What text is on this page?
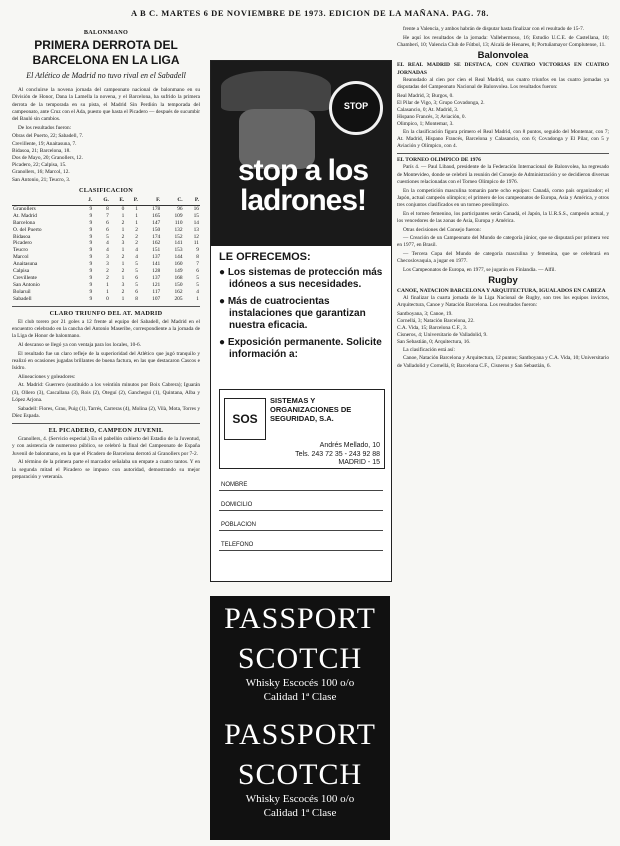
A B C. MARTES 6 DE NOVIEMBRE DE 1973. EDICION DE LA MAÑANA. PAG. 78.
BALONMANO
PRIMERA DERROTA DEL BARCELONA EN LA LIGA
El Atlético de Madrid no tuvo rival en el Sabadell

Al concluirse la novena jornada del campeonato nacional de balonmano en su División de Honor, Dana la Lamella la novena, y el Barcelona, ha sufrido la primera derrota de la temporada en su pista, el Madrid Sin Perdión la temporada del campeonato, ante Cruz con el Ada, puesto que hasta el Picadero — después de sucumbir del Bauló sin cambios.

De los resultados fueron:

Obras del Puerto, 22; Sabadell, 7.
Crevillente, 19; Anaitasuna, 7.
Bidasoa, 21; Barcelona, 18.
Dos de Mayo, 20; Granollers, 12.
Picadero, 22; Calpisa, 15.
Granollers, 16; Marcol, 12.
San Antonio, 21; Teucro, 3.
CLASIFICACION
	J.	G.	E.	P.	F.	C.	P.
Granollers	9	8	0	1	178	96	16
At. Madrid	9	7	1	1	165	109	15
Barcelona	9	6	2	1	147	110	14
O. del Puerto	9	6	1	2	150	132	13
Bidasoa	9	5	2	2	174	152	12
Picadero	9	4	3	2	162	141	11
Teucro	9	4	1	4	151	153	9
Marcol	9	3	2	4	137	144	8
Anaitasuna	9	3	1	5	141	160	7
Calpisa	9	2	2	5	128	149	6
Crevillente	9	2	1	6	137	168	5
San Antonio	9	1	3	5	121	150	5
Bolaruil	9	1	2	6	117	162	4
Sabadell	9	0	1	8	107	205	1
CLARO TRIUNFO DEL AT. MADRID

El club torero por 21 goles a 12 frente al equipo del Sabadell, del Madrid en el encuentro celebrado en la cancha del Antonio Maseribe, correspondiente a la jornada de la Liga de Honor de balonmano.

Al descanso se llegó ya con ventaja para los locales, 10-6.

El resultado fue un claro refleje de la superioridad del Atlético que jugó tranquilo y realizó en ocasiones jugadas brillantes de buena factura, en las que destacaron Cascos e Isidro.

Alineaciones y goleadores:

At. Madrid: Guerrero (sustituido a los veintiún minutos por Boix Cabrera); Iguarán (3), Ollero (3), Cascallana (3), Rois (2), Oteguí (2), Ganchegui (1), Quintana, Alba y López Arjona.

Sabadell: Flores, Grau, Puig (1), Tarrés, Carreras (4), Molina (2), Vilà, Mota, Torres y Díez Espada.

EL PICADERO, CAMPEON JUVENIL

Granollers, 4. (Servicio especial.) En el pabellón cubierto del Estadio de la Juventud, y con asistencia de numeroso público, se celebró la final del Campeonato de España Juvenil de balonmano, en la que el Picadero de Barcelona derrotó al Granollers por 7-2.

Al término de la primera parte el marcador señalaba un empate a cuatro tantos. Y en la segunda mitad el Picadero se impuso con autoridad, demostrando su mejor preparación y veteranía.

STOP
stop a los
ladrones!
LE OFRECEMOS:
● Los sistemas de protección más idóneos a sus necesidades.
● Más de cuatrocientas instalaciones que garantizan nuestra eficacia.
● Exposición permanente. Solicite información a:
SOS
SISTEMAS Y ORGANIZACIONES DE SEGURIDAD, S.A.
Andrés Mellado, 10
Tels. 243 72 35 - 243 92 88
MADRID - 15
NOMBRE
DOMICILIO
POBLACION
TELEFONO
PASSPORT
SCOTCH
Whisky Escocés 100 o/o
Calidad 1ª Clase
PASSPORT
SCOTCH
Whisky Escocés 100 o/o
Calidad 1ª Clase

frente a Valencia, y ambos habrán de disputar hasta finalizar con el resultado de 15-7.

He aquí los resultados de la jornada: Vallehermoso, 16; Estudio U.C.E. de Castellana, 10; Chamberí, 10; Valencia Club de Fútbol, 13; Alcalá de Henares, 8; Portuñamayor Complutense, 11.

Balonvolea
EL REAL MADRID SE DESTACA, CON CUATRO VICTORIAS EN CUATRO JORNADAS

Reanudado al cien por cien el Real Madrid, sus cuatro triunfos en las cuatro jornadas ya disputadas del Campeonato Nacional de Balonvolea. Los resultados fueron:

Real Madrid, 3; Burgos, 0.
El Pilar de Vigo, 3; Grupo Covadonga, 2.
Calasancio, 0; At. Madrid, 3.
Hispano Francés, 3; Aviación, 0.
Olimpico, 1; Montemar, 3.

En la clasificación figura primero el Real Madrid, con 8 puntos, seguido del Montemar, con 7; At. Madrid, Hispano Francés, Barcelona y Calasancio, con 6; Covadonga y El Pilar, con 5 y Aviación y Olímpico, con 4.

EL TORNEO OLIMPICO DE 1976

París 4. — Paul Libaud, presidente de la Federación Internacional de Balonvolea, ha regresado de Montevideo, donde se celebró la reunión del Consejo de Administración y se decidieron diversas cuestiones relacionadas con el Torneo Olímpico de 1976.

En la competición masculina tomarán parte ocho equipos: Canadá, como país organizador; el Japón, actual campeón olímpico; el primero de los campeonatos de Europa, Asia y América, y otros tres conjuntos clasificados en un torneo preolímpico.

En el torneo femenino, los participantes serán Canadá, el Japón, la U.R.S.S., campeón actual, y los vencedores de las zonas de Asia, Europa y América.

Otras decisiones del Consejo fueron:

— Creación de un Campeonato del Mundo de categoría júnior, que se disputará por primera vez en 1977, en Brasil.

— Tercera Copa del Mundo de categoría masculina y femenina, que se celebrará en Checoslovaquia, a jugar en 1977.

Los Campeonatos de Europa, en 1977, se jugarán en Finlandia. — Alfil.

Rugby
CANOE, NATACION BARCELONA Y ARQUITECTURA, IGUALADOS EN CABEZA

Al finalizar la cuarta jornada de la Liga Nacional de Rugby, son tres los equipos invictos, Arquitectura, Canoe y Natación Barcelona. Los resultados fueron:

Santboyana, 3; Canoe, 19.
Cornellá, 3; Natación Barcelona, 22.
C.A. Vida, 15; Barcelona C.F., 3.
Cisneros, 4; Universitario de Valladolid, 9.
San Sebastián, 0; Arquitectura, 16.

La clasificación está así:

Canoe, Natación Barcelona y Arquitectura, 12 puntos; Santboyana y C.A. Vida, 10; Universitario de Valladolid y Cornellá, 8; Barcelona C.F., Cisneros y San Sebastián, 6.
